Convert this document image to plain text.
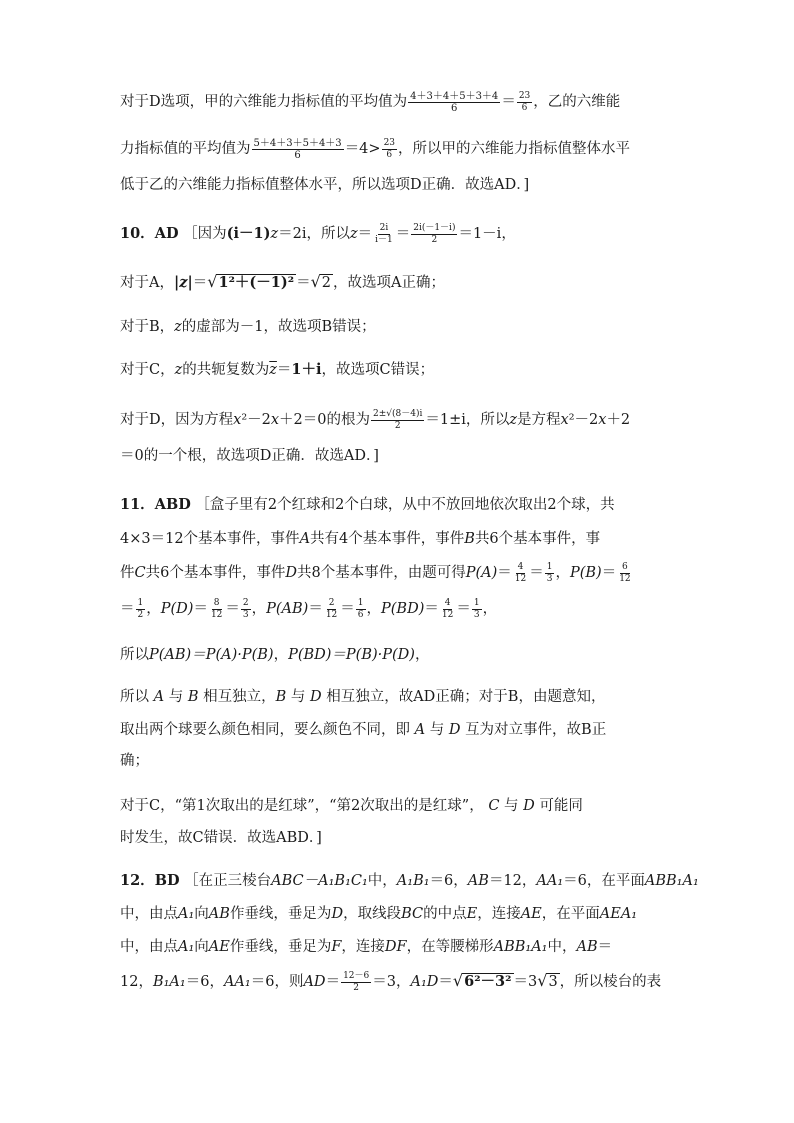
对于D选项，甲的六维能力指标值的平均值为 $\frac{4+3+4+5+3+4}{6} = \frac{23}{6}$ ，乙的六维能
力指标值的平均值为 $\frac{5+4+3+5+4+3}{6} =4> \frac{23}{6}$ ，所以甲的六维能力指标值整体水平
低于乙的六维能力指标值整体水平，所以选项D正确．故选AD．]
10．AD ［因为(i－1)z＝2i，所以$z= \frac{2i}{i-1} = \frac{2i(-1-i)}{2} =1-i$，
对于A，|z|＝√1²＋(－1)² ＝√2 ，故选项A正确；
对于B，z的虚部为－1，故选项B错误；
对于C，z的共轭复数为$\overline{z}=1+i$，故选项C错误；
对于D，因为方程x²－2x＋2＝0的根为 $\frac{2\pm√(8-4)i}{2} =1\pm i$，所以z是方程x²－2x＋2
＝0的一个根，故选项D正确．故选AD．]
11．ABD ［盒子里有2个红球和2个白球，从中不放回地依次取出2个球，共
4×3＝12个基本事件，事件A共有4个基本事件，事件B共6个基本事件，事
件C共6个基本事件，事件D共8个基本事件，由题可得$P(A)= \frac{4}{12} = \frac{1}{3}$ ，$P(B)= \frac{6}{12}$
＝ $\frac{1}{2}$ ，$P(D)= \frac{8}{12} = \frac{2}{3}$ ，$P(AB)= \frac{2}{12} = \frac{1}{6}$ ，$P(BD)= \frac{4}{12} = \frac{1}{3}$ ，
所以P(AB)＝P(A)·P(B)，P(BD)＝P(B)·P(D)，
所以 A 与 B 相互独立，B 与 D 相互独立，故AD正确；对于B，由题意知，
取出两个球要么颜色相同，要么颜色不同，即 A 与 D 互为对立事件，故B正
确；
对于C，“第1次取出的是红球”，“第2次取出的是红球”， C 与 D 可能同
时发生，故C错误．故选ABD．]
12．BD ［在正三棱台ABC－A₁B₁C₁中，A₁B₁＝6，AB＝12，AA₁＝6，在平面ABB₁A₁
中，由点A₁向AB作垂线，垂足为D，取线段BC的中点E，连接AE，在平面AEA₁
中，由点A₁向AE作垂线，垂足为F，连接DF，在等腰梯形ABB₁A₁中，AB＝
12，B₁A₁＝6，AA₁＝6，则$AD= \frac{12-6}{2} =3$，A₁D＝√6²－3² ＝3√3 ，所以棱台的表
